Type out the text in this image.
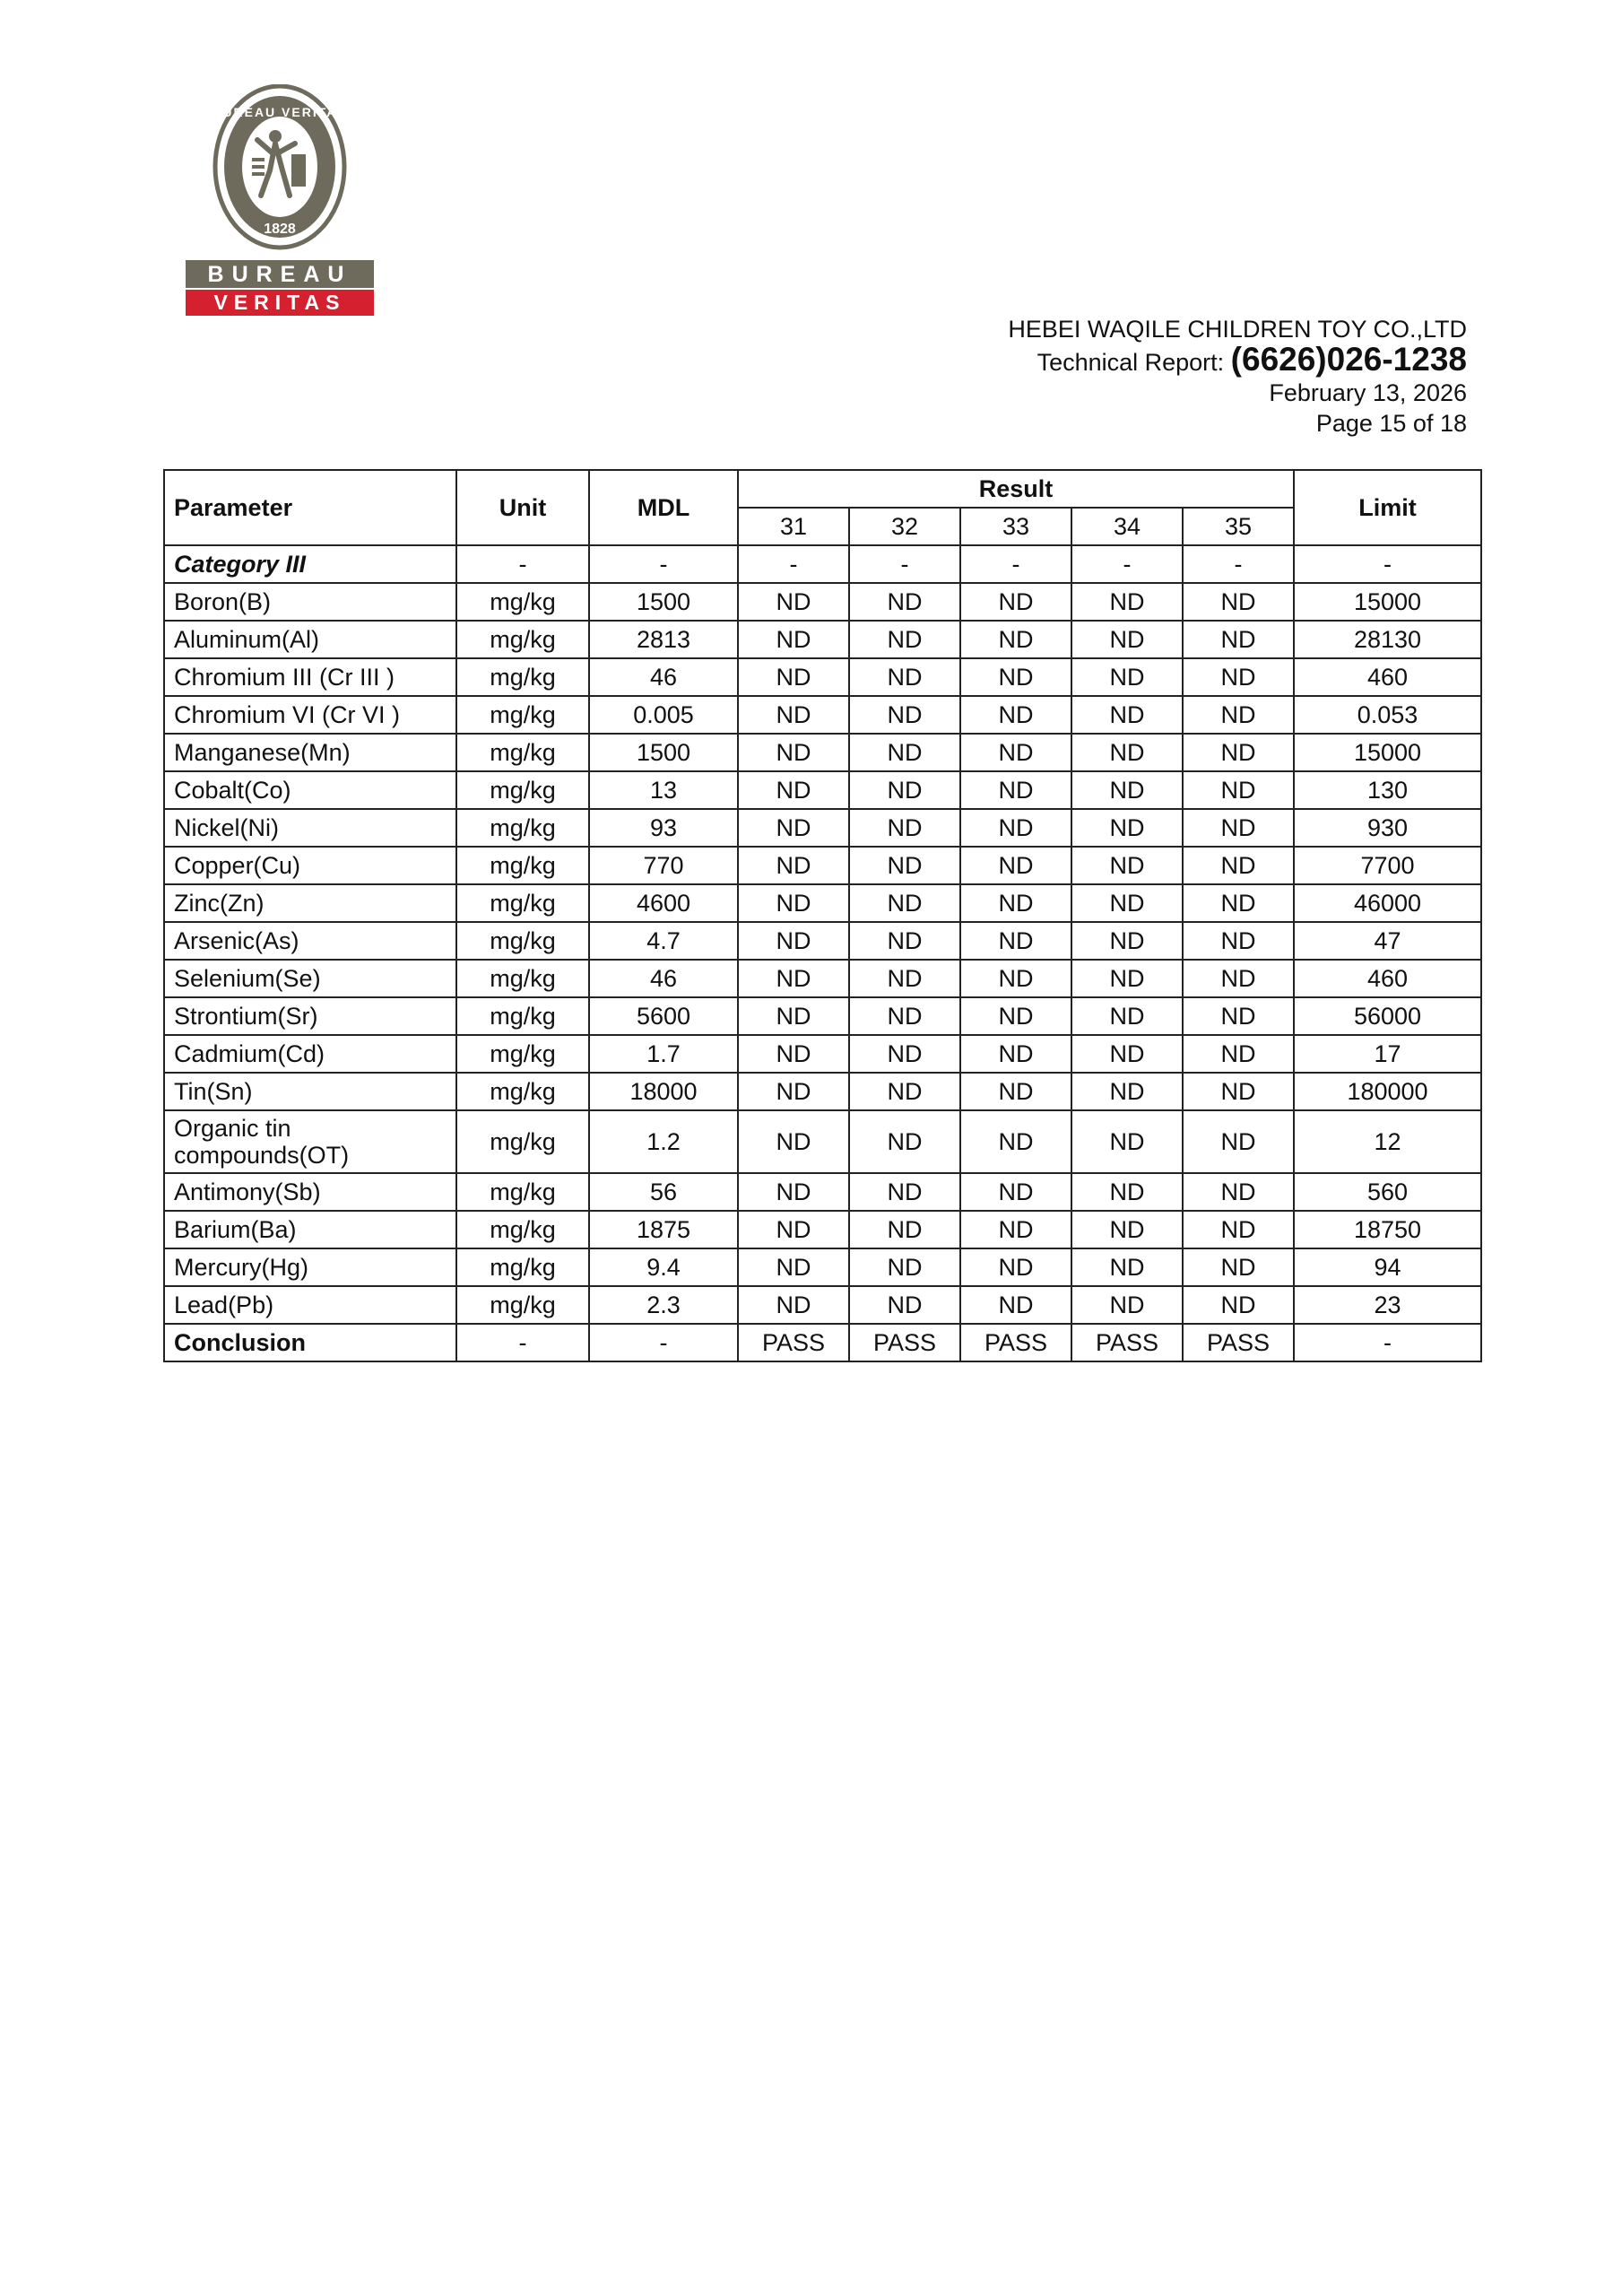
BUREAU VERITAS
1828
BUREAU
VERITAS
HEBEI WAQILE CHILDREN TOY CO.,LTD
Technical Report: (6626)026-1238
February 13, 2026
Page 15 of 18
Parameter	Unit	MDL	Result					Limit
			31	32	33	34	35	
Category III	-	-	-	-	-	-	-	-
Boron(B)	mg/kg	1500	ND	ND	ND	ND	ND	15000
Aluminum(Al)	mg/kg	2813	ND	ND	ND	ND	ND	28130
Chromium III (Cr III )	mg/kg	46	ND	ND	ND	ND	ND	460
Chromium VI (Cr VI )	mg/kg	0.005	ND	ND	ND	ND	ND	0.053
Manganese(Mn)	mg/kg	1500	ND	ND	ND	ND	ND	15000
Cobalt(Co)	mg/kg	13	ND	ND	ND	ND	ND	130
Nickel(Ni)	mg/kg	93	ND	ND	ND	ND	ND	930
Copper(Cu)	mg/kg	770	ND	ND	ND	ND	ND	7700
Zinc(Zn)	mg/kg	4600	ND	ND	ND	ND	ND	46000
Arsenic(As)	mg/kg	4.7	ND	ND	ND	ND	ND	47
Selenium(Se)	mg/kg	46	ND	ND	ND	ND	ND	460
Strontium(Sr)	mg/kg	5600	ND	ND	ND	ND	ND	56000
Cadmium(Cd)	mg/kg	1.7	ND	ND	ND	ND	ND	17
Tin(Sn)	mg/kg	18000	ND	ND	ND	ND	ND	180000
Organic tin compounds(OT)	mg/kg	1.2	ND	ND	ND	ND	ND	12
Antimony(Sb)	mg/kg	56	ND	ND	ND	ND	ND	560
Barium(Ba)	mg/kg	1875	ND	ND	ND	ND	ND	18750
Mercury(Hg)	mg/kg	9.4	ND	ND	ND	ND	ND	94
Lead(Pb)	mg/kg	2.3	ND	ND	ND	ND	ND	23
Conclusion	-	-	PASS	PASS	PASS	PASS	PASS	-
